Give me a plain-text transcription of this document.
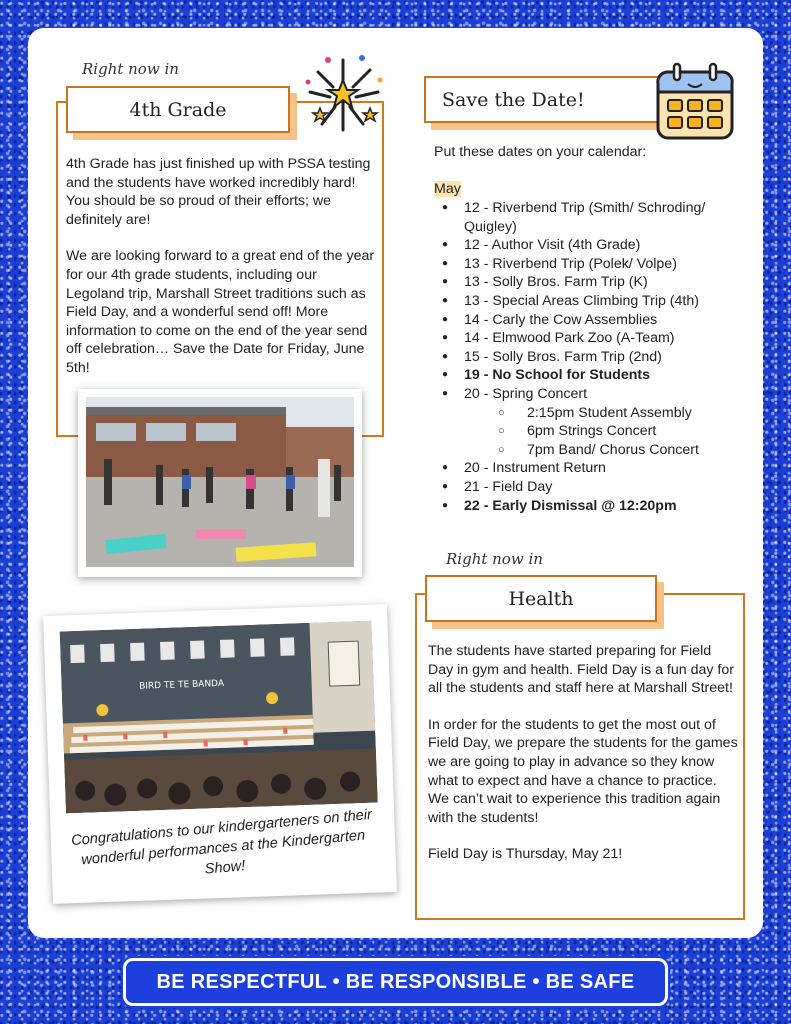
Right now in
4th Grade

4th Grade has just finished up with PSSA testing and the students have worked incredibly hard! You should be so proud of their efforts; we definitely are!

We are looking forward to a great end of the year for our 4th grade students, including our Legoland trip, Marshall Street traditions such as Field Day, and a wonderful send off! More information to come on the end of the year send off celebration… Save the Date for Friday, June 5th!

Save the Date!
Put these dates on your calendar:
May
● 12 - Riverbend Trip (Smith/ Schroding/ Quigley)
● 12 - Author Visit (4th Grade)
● 13 - Riverbend Trip (Polek/ Volpe)
● 13 - Solly Bros. Farm Trip (K)
● 13 - Special Areas Climbing Trip (4th)
● 14 - Carly the Cow Assemblies
● 14 - Elmwood Park Zoo (A-Team)
● 15 - Solly Bros. Farm Trip (2nd)
● 19 - No School for Students
● 20 - Spring Concert
○ 2:15pm Student Assembly
○ 6pm Strings Concert
○ 7pm Band/ Chorus Concert
● 20 - Instrument Return
● 21 - Field Day
● 22 - Early Dismissal @ 12:20pm
BIRD TE TE BANDA
Congratulations to our kindergarteners on their wonderful performances at the Kindergarten Show!
Right now in
Health

The students have started preparing for Field Day in gym and health. Field Day is a fun day for all the students and staff here at Marshall Street!

In order for the students to get the most out of Field Day, we prepare the students for the games we are going to play in advance so they know what to expect and have a chance to practice. We can’t wait to experience this tradition again with the students!

Field Day is Thursday, May 21!

BE RESPECTFUL • BE RESPONSIBLE • BE SAFE
